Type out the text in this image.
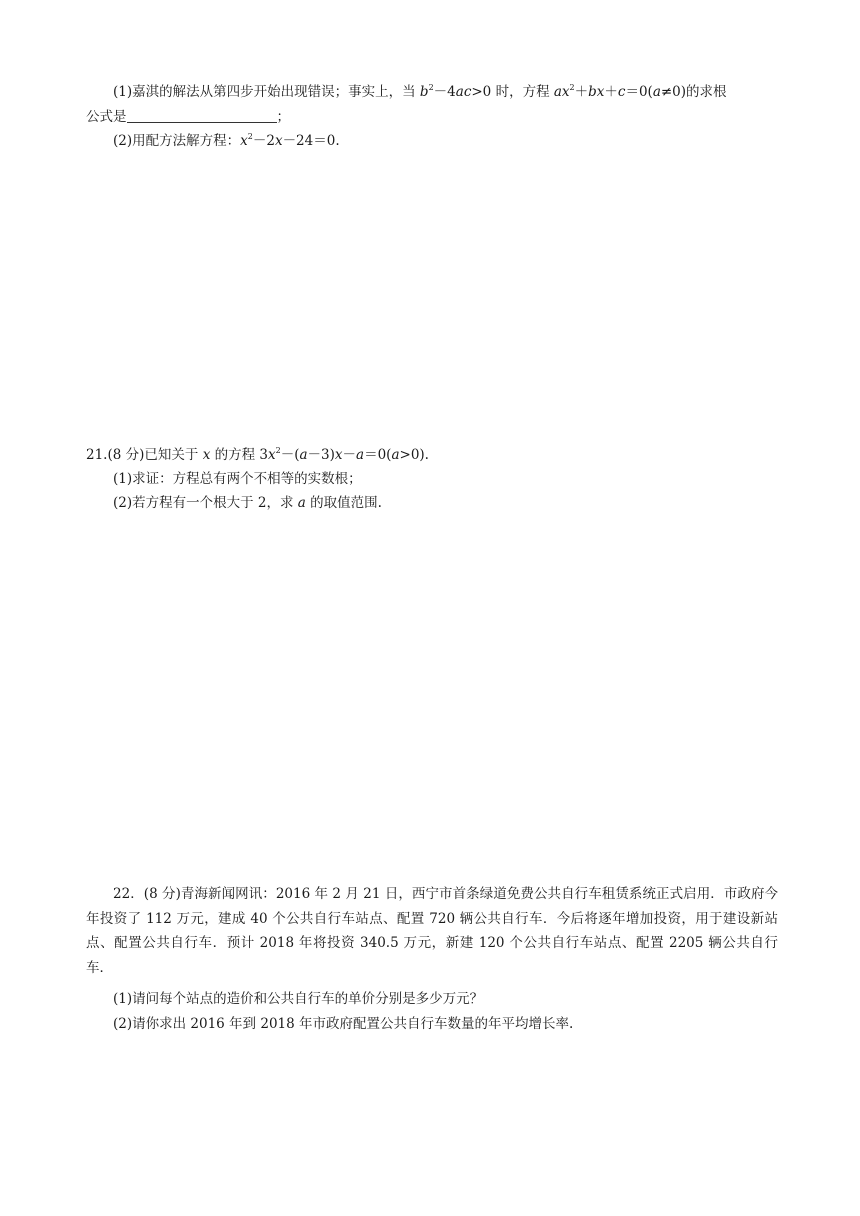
(1)嘉淇的解法从第四步开始出现错误；事实上，当 $b^2-4ac>0$ 时，方程 $ax^2+bx+c=0(a\ne 0)$的求根
公式是	；
(2)用配方法解方程：$x^2-2x-24=0$.
21.(8 分)已知关于 x 的方程 $3x^2-(a-3)x-a=0(a>0)$.
(1)求证：方程总有两个不相等的实数根；
(2)若方程有一个根大于 2，求 a 的取值范围.
22．(8 分)青海新闻网讯：2016 年 2 月 21 日，西宁市首条绿道免费公共自行车租赁系统正式启用．市政府今年投资了 112 万元，建成 40 个公共自行车站点、配置 720 辆公共自行车．今后将逐年增加投资，用于建设新站点、配置公共自行车．预计 2018 年将投资 340.5 万元，新建 120 个公共自行车站点、配置 2205 辆公共自行车．
(1)请问每个站点的造价和公共自行车的单价分别是多少万元？
(2)请你求出 2016 年到 2018 年市政府配置公共自行车数量的年平均增长率.
